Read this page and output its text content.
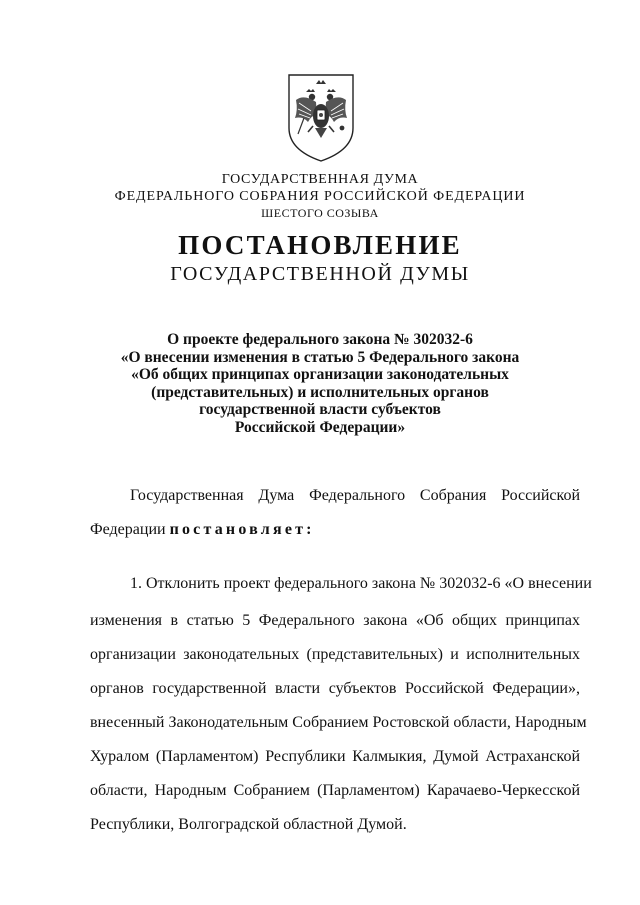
ГОСУДАРСТВЕННАЯ ДУМА
ФЕДЕРАЛЬНОГО СОБРАНИЯ РОССИЙСКОЙ ФЕДЕРАЦИИ
ШЕСТОГО СОЗЫВА
ПОСТАНОВЛЕНИЕ
ГОСУДАРСТВЕННОЙ ДУМЫ
О проекте федерального закона № 302032-6
«О внесении изменения в статью 5 Федерального закона
«Об общих принципах организации законодательных
(представительных) и исполнительных органов
государственной власти субъектов
Российской Федерации»
Государственная Дума Федерального Собрания Российской
Федерации постановляет:
1. Отклонить проект федерального закона № 302032-6 «О внесении
изменения в статью 5 Федерального закона «Об общих принципах
организации законодательных (представительных) и исполнительных
органов государственной власти субъектов Российской Федерации»,
внесенный Законодательным Собранием Ростовской области, Народным
Хуралом (Парламентом) Республики Калмыкия, Думой Астраханской
области, Народным Собранием (Парламентом) Карачаево-Черкесской
Республики, Волгоградской областной Думой.
